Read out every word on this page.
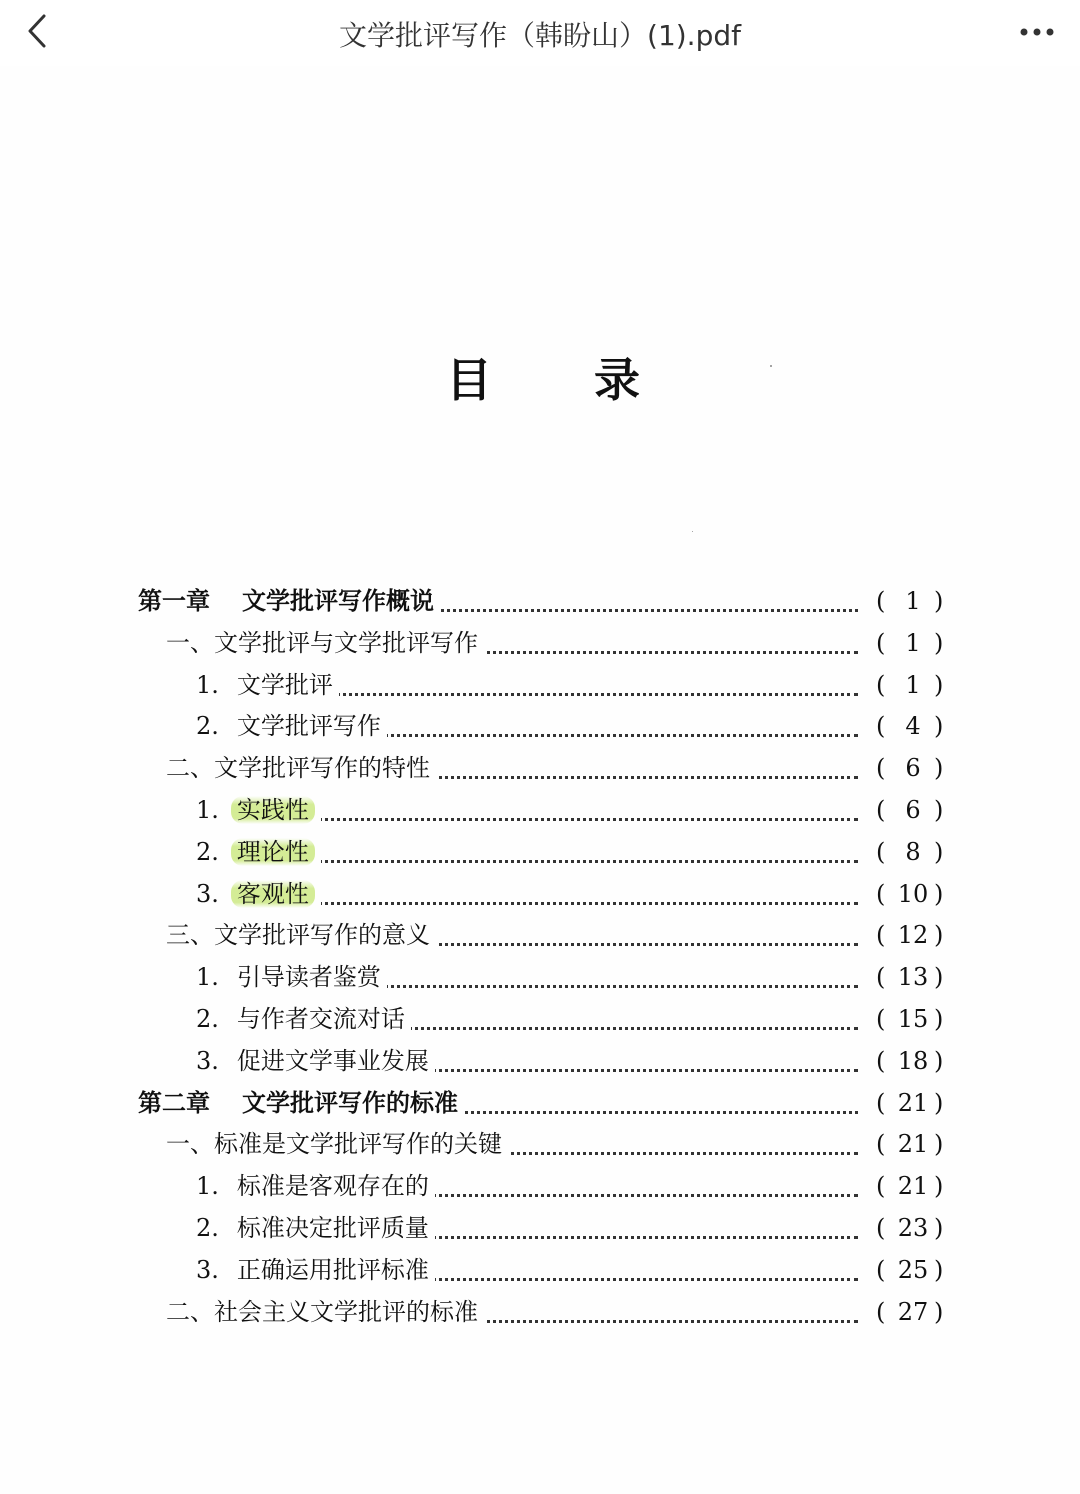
文学批评写作（韩盼山）(1).pdf
目 录
第一章 文学批评写作概说	( 1 )
一、文学批评与文学批评写作	( 1 )
1. 文学批评	( 1 )
2. 文学批评写作	( 4 )
二、文学批评写作的特性	( 6 )
1. 实践性	( 6 )
2. 理论性	( 8 )
3. 客观性	( 10 )
三、文学批评写作的意义	( 12 )
1. 引导读者鉴赏	( 13 )
2. 与作者交流对话	( 15 )
3. 促进文学事业发展	( 18 )
第二章 文学批评写作的标准	( 21 )
一、标准是文学批评写作的关键	( 21 )
1. 标准是客观存在的	( 21 )
2. 标准决定批评质量	( 23 )
3. 正确运用批评标准	( 25 )
二、社会主义文学批评的标准	( 27 )
